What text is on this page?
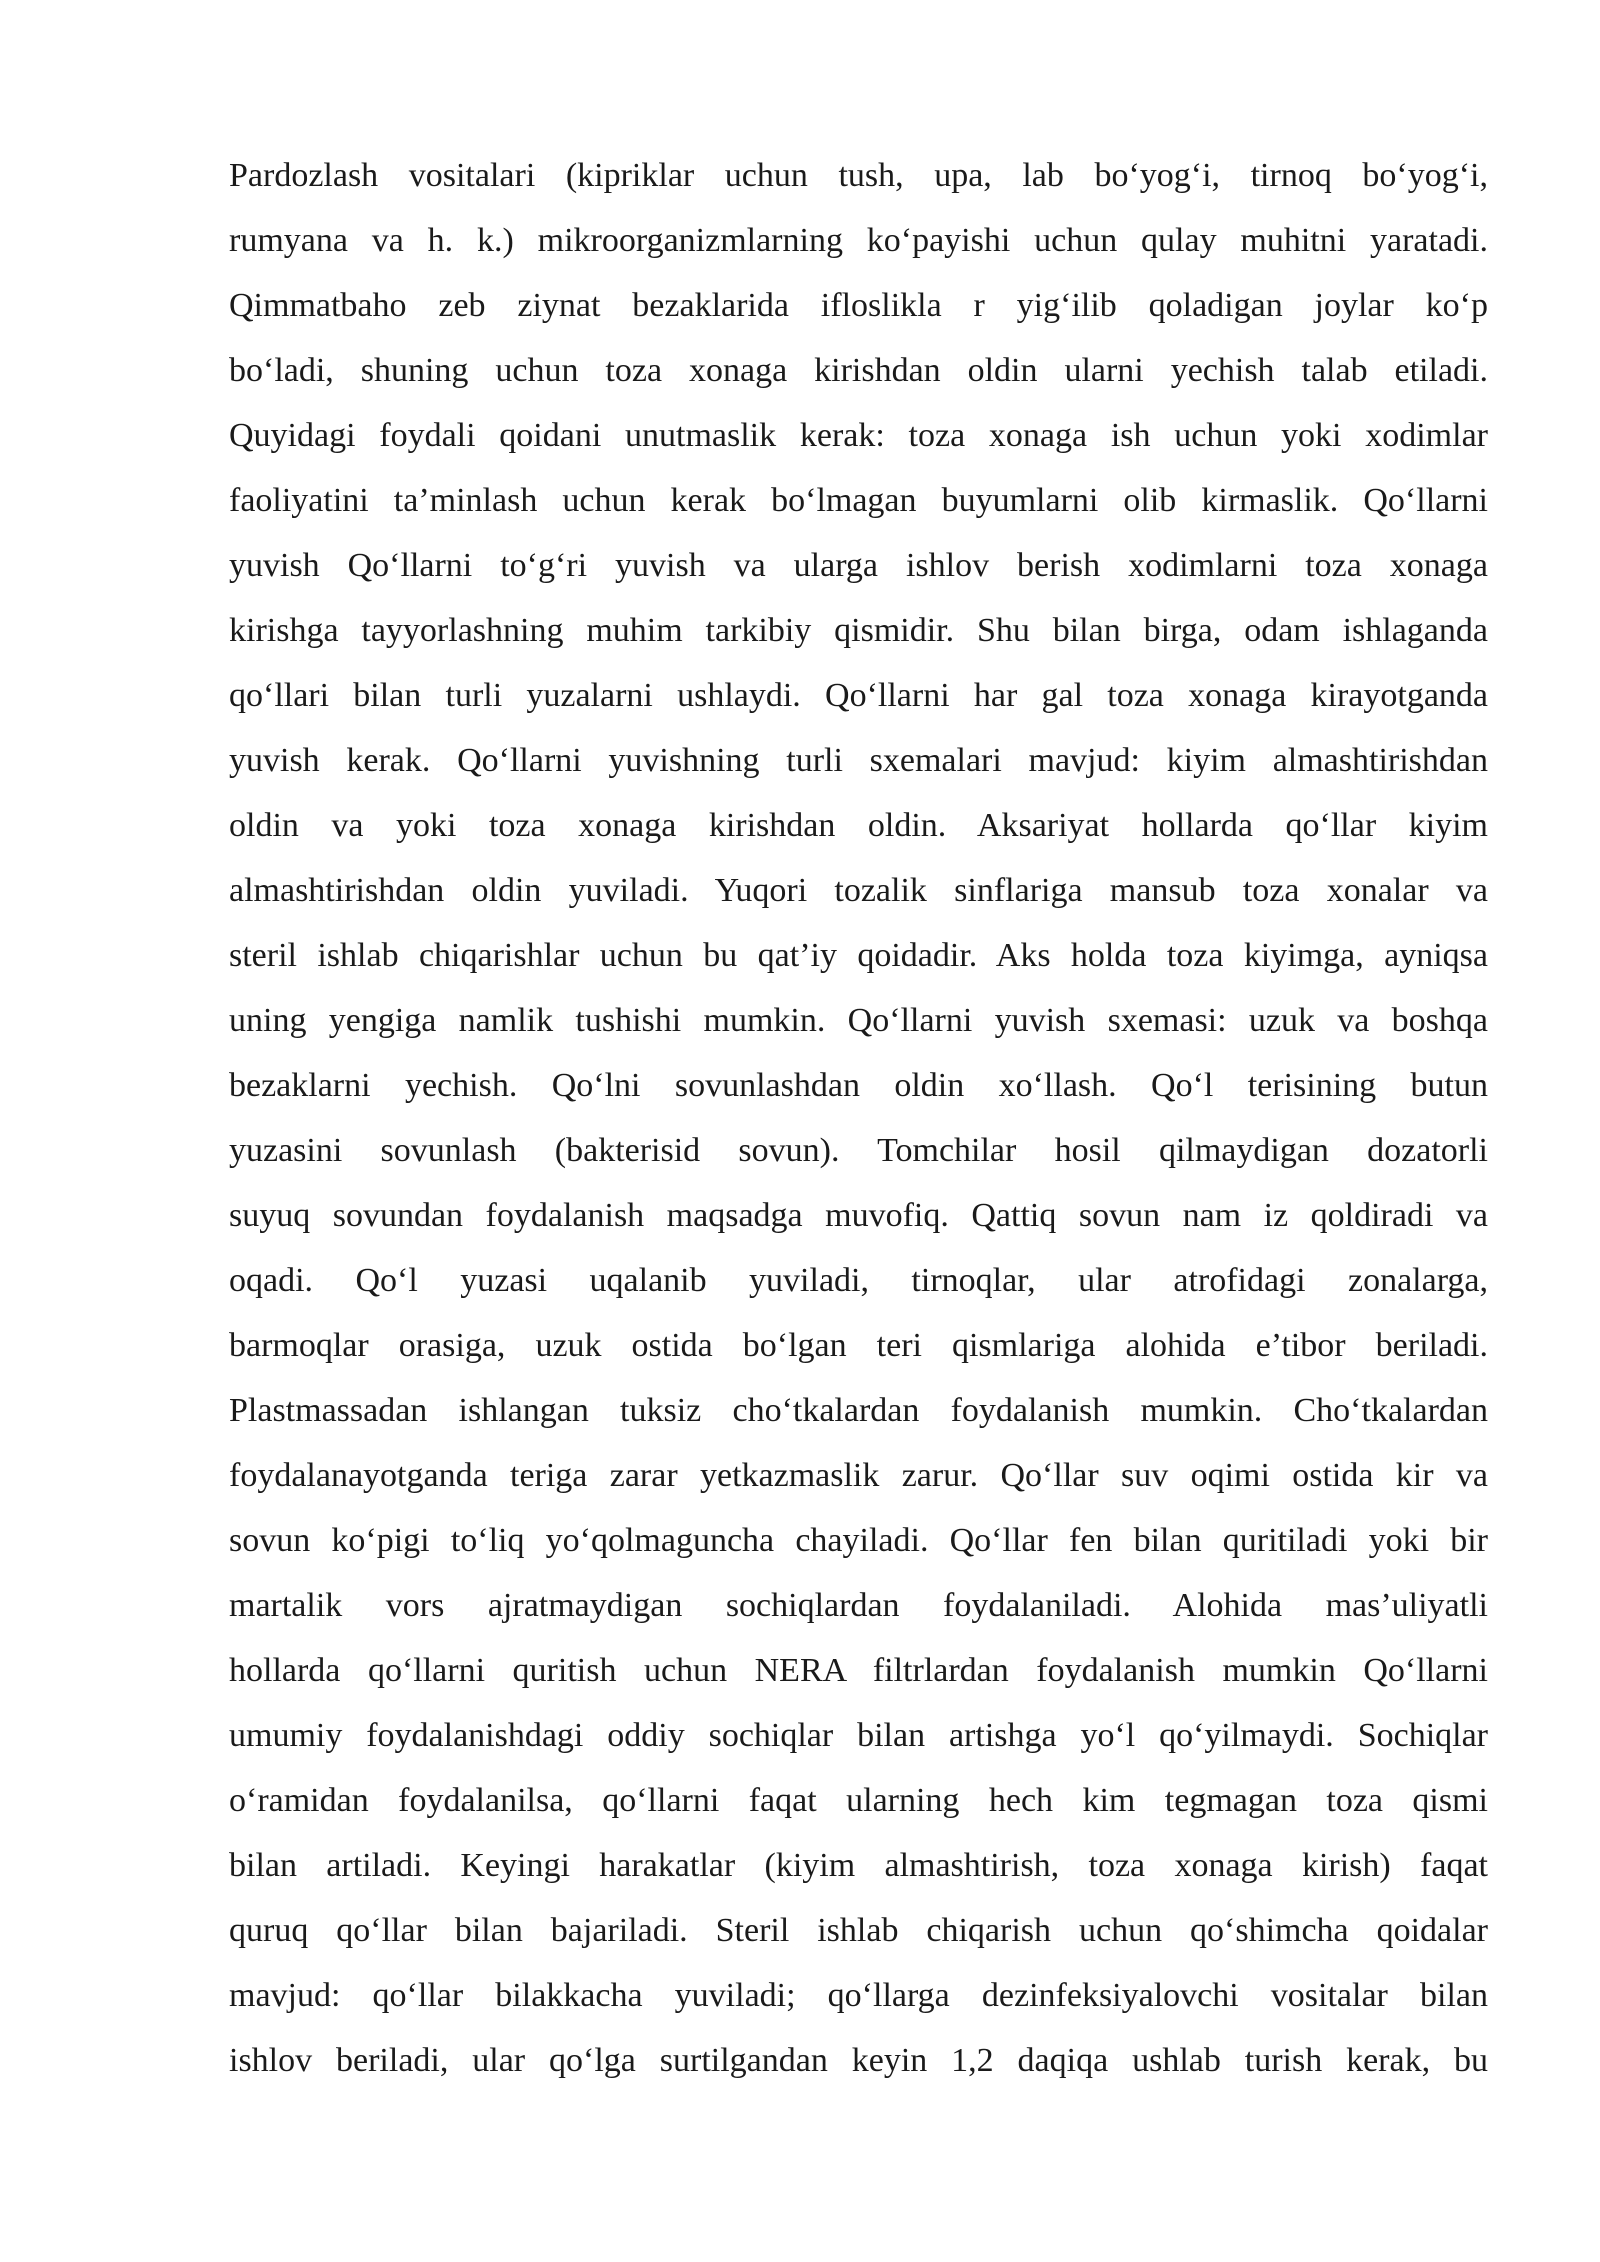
Pardozlash vositalari (kipriklar uchun tush, upa, lab bo‘yog‘i, tirnoq bo‘yog‘i,
rumyana va h. k.) mikroorganizmlarning ko‘payishi uchun qulay muhitni yaratadi.
Qimmatbaho zeb ziynat bezaklarida ifloslikla r yig‘ilib qoladigan joylar ko‘p
bo‘ladi, shuning uchun toza xonaga kirishdan oldin ularni yechish talab etiladi.
Quyidagi foydali qoidani unutmaslik kerak: toza xonaga ish uchun yoki xodimlar
faoliyatini ta’minlash uchun kerak bo‘lmagan buyumlarni olib kirmaslik. Qo‘llarni
yuvish Qo‘llarni to‘g‘ri yuvish va ularga ishlov berish xodimlarni toza xonaga
kirishga tayyorlashning muhim tarkibiy qismidir. Shu bilan birga, odam ishlaganda
qo‘llari bilan turli yuzalarni ushlaydi. Qo‘llarni har gal toza xonaga kirayotganda
yuvish kerak. Qo‘llarni yuvishning turli sxemalari mavjud: kiyim almashtirishdan
oldin va yoki toza xonaga kirishdan oldin. Aksariyat hollarda qo‘llar kiyim
almashtirishdan oldin yuviladi. Yuqori tozalik sinflariga mansub toza xonalar va
steril ishlab chiqarishlar uchun bu qat’iy qoidadir. Aks holda toza kiyimga, ayniqsa
uning yengiga namlik tushishi mumkin. Qo‘llarni yuvish sxemasi: uzuk va boshqa
bezaklarni yechish. Qo‘lni sovunlashdan oldin xo‘llash. Qo‘l terisining butun
yuzasini sovunlash (bakterisid sovun). Tomchilar hosil qilmaydigan dozatorli
suyuq sovundan foydalanish maqsadga muvofiq. Qattiq sovun nam iz qoldiradi va
oqadi. Qo‘l yuzasi uqalanib yuviladi, tirnoqlar, ular atrofidagi zonalarga,
barmoqlar orasiga, uzuk ostida bo‘lgan teri qismlariga alohida e’tibor beriladi.
Plastmassadan ishlangan tuksiz cho‘tkalardan foydalanish mumkin. Cho‘tkalardan
foydalanayotganda teriga zarar yetkazmaslik zarur. Qo‘llar suv oqimi ostida kir va
sovun ko‘pigi to‘liq yo‘qolmaguncha chayiladi. Qo‘llar fen bilan quritiladi yoki bir
martalik vors ajratmaydigan sochiqlardan foydalaniladi. Alohida mas’uliyatli
hollarda qo‘llarni quritish uchun NERA filtrlardan foydalanish mumkin Qo‘llarni
umumiy foydalanishdagi oddiy sochiqlar bilan artishga yo‘l qo‘yilmaydi. Sochiqlar
o‘ramidan foydalanilsa, qo‘llarni faqat ularning hech kim tegmagan toza qismi
bilan artiladi. Keyingi harakatlar (kiyim almashtirish, toza xonaga kirish) faqat
quruq qo‘llar bilan bajariladi. Steril ishlab chiqarish uchun qo‘shimcha qoidalar
mavjud: qo‘llar bilakkacha yuviladi; qo‘llarga dezinfeksiyalovchi vositalar bilan
ishlov beriladi, ular qo‘lga surtilgandan keyin 1,2 daqiqa ushlab turish kerak, bu
